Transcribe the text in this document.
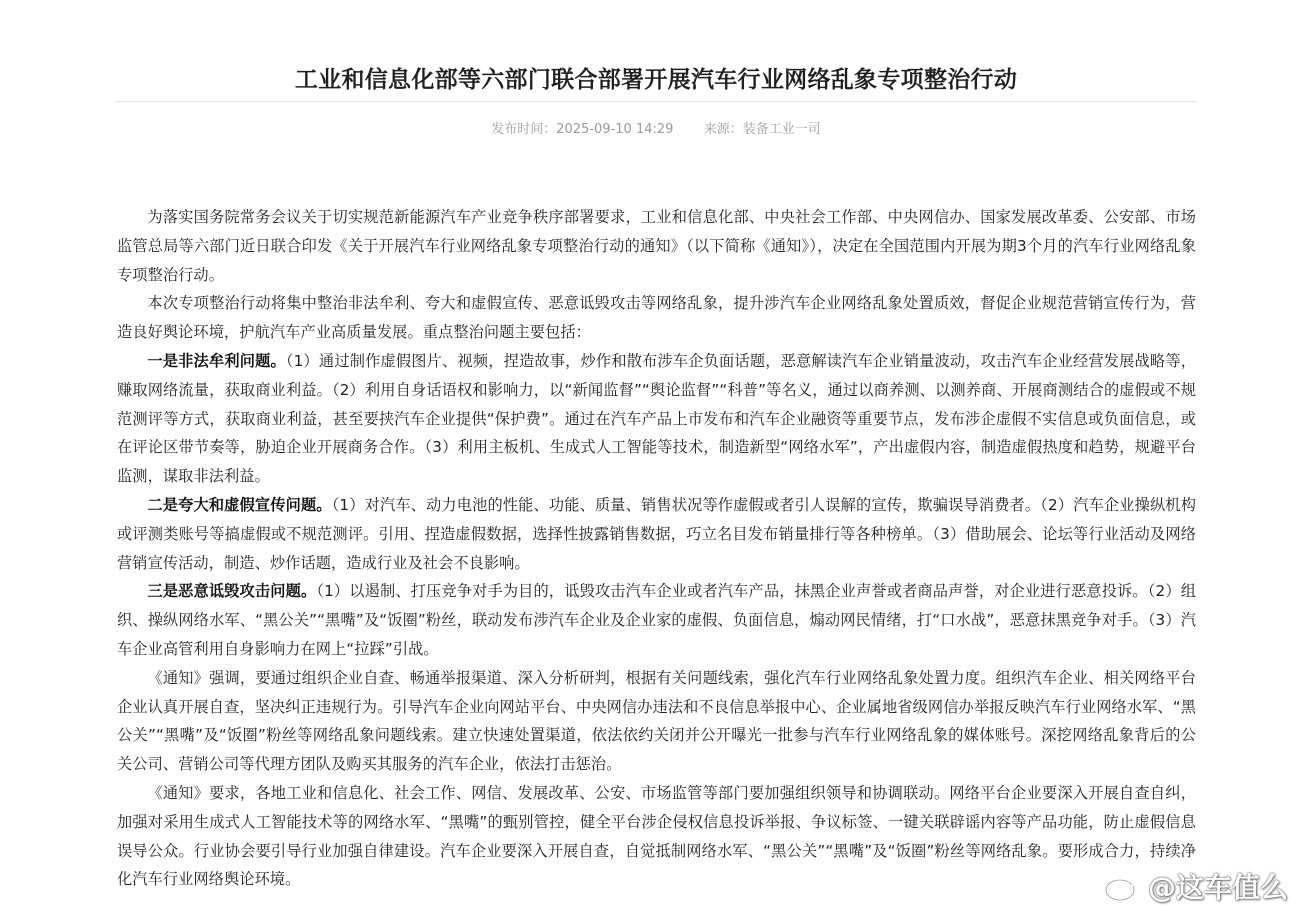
工业和信息化部等六部门联合部署开展汽车行业网络乱象专项整治行动
发布时间：2025-09-10 14:29 来源：装备工业一司

为落实国务院常务会议关于切实规范新能源汽车产业竞争秩序部署要求，工业和信息化部、中央社会工作部、中央网信办、国家发展改革委、公安部、市场监管总局等六部门近日联合印发《关于开展汽车行业网络乱象专项整治行动的通知》（以下简称《通知》），决定在全国范围内开展为期3个月的汽车行业网络乱象专项整治行动。

本次专项整治行动将集中整治非法牟利、夸大和虚假宣传、恶意诋毁攻击等网络乱象，提升涉汽车企业网络乱象处置质效，督促企业规范营销宣传行为，营造良好舆论环境，护航汽车产业高质量发展。重点整治问题主要包括：

一是非法牟利问题。（1）通过制作虚假图片、视频，捏造故事，炒作和散布涉车企负面话题，恶意解读汽车企业销量波动，攻击汽车企业经营发展战略等，赚取网络流量，获取商业利益。（2）利用自身话语权和影响力，以“新闻监督”“舆论监督”“科普”等名义，通过以商养测、以测养商、开展商测结合的虚假或不规范测评等方式，获取商业利益，甚至要挟汽车企业提供“保护费”。通过在汽车产品上市发布和汽车企业融资等重要节点，发布涉企虚假不实信息或负面信息，或在评论区带节奏等，胁迫企业开展商务合作。（3）利用主板机、生成式人工智能等技术，制造新型“网络水军”，产出虚假内容，制造虚假热度和趋势，规避平台监测，谋取非法利益。

二是夸大和虚假宣传问题。（1）对汽车、动力电池的性能、功能、质量、销售状况等作虚假或者引人误解的宣传，欺骗误导消费者。（2）汽车企业操纵机构或评测类账号等搞虚假或不规范测评。引用、捏造虚假数据，选择性披露销售数据，巧立名目发布销量排行等各种榜单。（3）借助展会、论坛等行业活动及网络营销宣传活动，制造、炒作话题，造成行业及社会不良影响。

三是恶意诋毁攻击问题。（1）以遏制、打压竞争对手为目的，诋毁攻击汽车企业或者汽车产品，抹黑企业声誉或者商品声誉，对企业进行恶意投诉。（2）组织、操纵网络水军、“黑公关”“黑嘴”及“饭圈”粉丝，联动发布涉汽车企业及企业家的虚假、负面信息，煽动网民情绪，打“口水战”，恶意抹黑竞争对手。（3）汽车企业高管利用自身影响力在网上“拉踩”引战。

《通知》强调，要通过组织企业自查、畅通举报渠道、深入分析研判，根据有关问题线索，强化汽车行业网络乱象处置力度。组织汽车企业、相关网络平台企业认真开展自查，坚决纠正违规行为。引导汽车企业向网站平台、中央网信办违法和不良信息举报中心、企业属地省级网信办举报反映汽车行业网络水军、“黑公关”“黑嘴”及“饭圈”粉丝等网络乱象问题线索。建立快速处置渠道，依法依约关闭并公开曝光一批参与汽车行业网络乱象的媒体账号。深挖网络乱象背后的公关公司、营销公司等代理方团队及购买其服务的汽车企业，依法打击惩治。

《通知》要求，各地工业和信息化、社会工作、网信、发展改革、公安、市场监管等部门要加强组织领导和协调联动。网络平台企业要深入开展自查自纠，加强对采用生成式人工智能技术等的网络水军、“黑嘴”的甄别管控，健全平台涉企侵权信息投诉举报、争议标签、一键关联辟谣内容等产品功能，防止虚假信息误导公众。行业协会要引导行业加强自律建设。汽车企业要深入开展自查，自觉抵制网络水军、“黑公关”“黑嘴”及“饭圈”粉丝等网络乱象。要形成合力，持续净化汽车行业网络舆论环境。	@这车值么
